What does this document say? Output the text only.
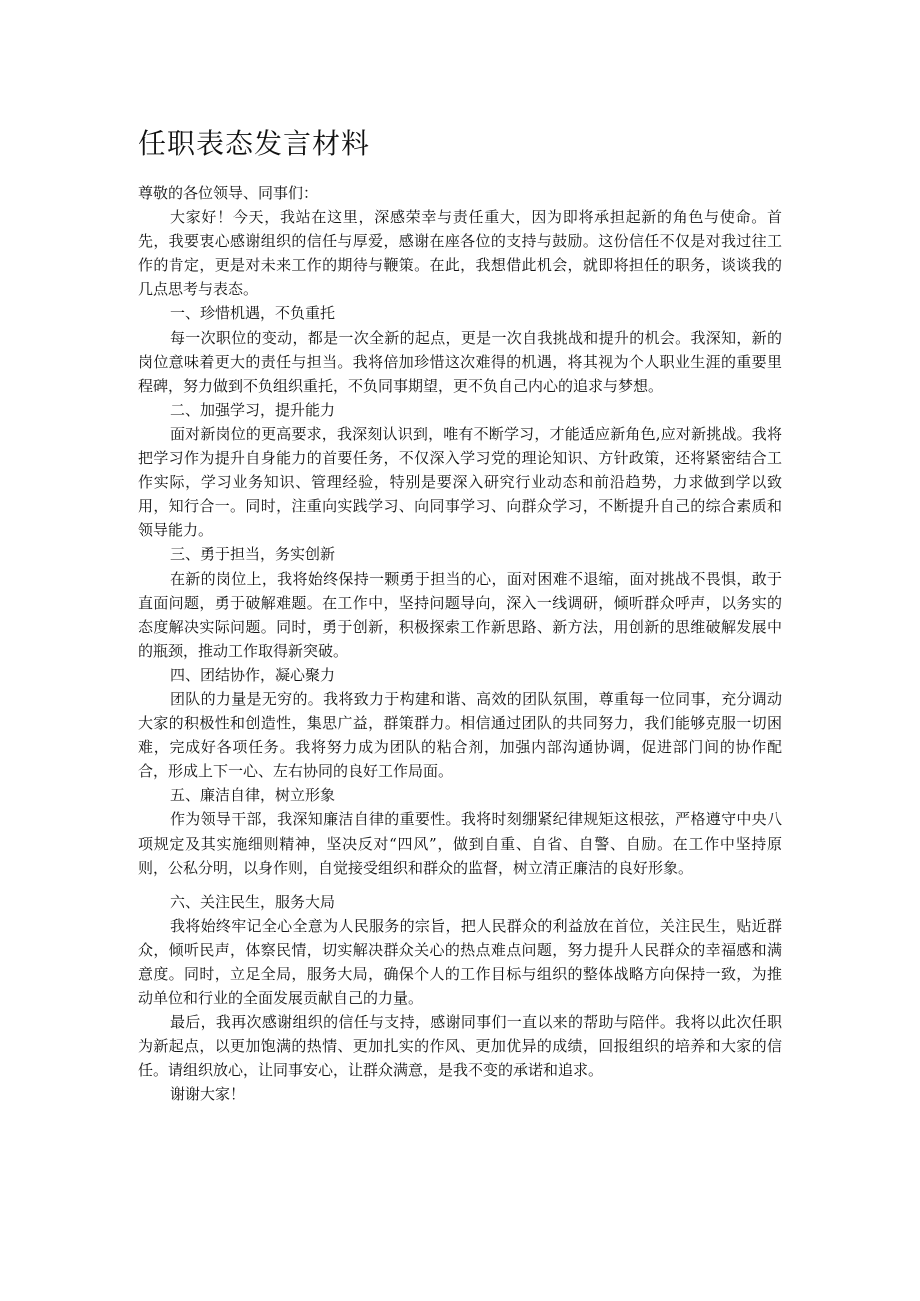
任职表态发言材料

尊敬的各位领导、同事们：

大家好！今天，我站在这里，深感荣幸与责任重大，因为即将承担起新的角色与使命。首先，我要衷心感谢组织的信任与厚爱，感谢在座各位的支持与鼓励。这份信任不仅是对我过往工作的肯定，更是对未来工作的期待与鞭策。在此，我想借此机会，就即将担任的职务，谈谈我的几点思考与表态。

一、珍惜机遇，不负重托

每一次职位的变动，都是一次全新的起点，更是一次自我挑战和提升的机会。我深知，新的岗位意味着更大的责任与担当。我将倍加珍惜这次难得的机遇，将其视为个人职业生涯的重要里程碑，努力做到不负组织重托，不负同事期望，更不负自己内心的追求与梦想。

二、加强学习，提升能力

面对新岗位的更高要求，我深刻认识到，唯有不断学习，才能适应新角色,应对新挑战。我将把学习作为提升自身能力的首要任务，不仅深入学习党的理论知识、方针政策，还将紧密结合工作实际，学习业务知识、管理经验，特别是要深入研究行业动态和前沿趋势，力求做到学以致用，知行合一。同时，注重向实践学习、向同事学习、向群众学习，不断提升自己的综合素质和领导能力。

三、勇于担当，务实创新

在新的岗位上，我将始终保持一颗勇于担当的心，面对困难不退缩，面对挑战不畏惧，敢于直面问题，勇于破解难题。在工作中，坚持问题导向，深入一线调研，倾听群众呼声，以务实的态度解决实际问题。同时，勇于创新，积极探索工作新思路、新方法，用创新的思维破解发展中的瓶颈，推动工作取得新突破。

四、团结协作，凝心聚力

团队的力量是无穷的。我将致力于构建和谐、高效的团队氛围，尊重每一位同事，充分调动大家的积极性和创造性，集思广益，群策群力。相信通过团队的共同努力，我们能够克服一切困难，完成好各项任务。我将努力成为团队的粘合剂，加强内部沟通协调，促进部门间的协作配合，形成上下一心、左右协同的良好工作局面。

五、廉洁自律，树立形象

作为领导干部，我深知廉洁自律的重要性。我将时刻绷紧纪律规矩这根弦，严格遵守中央八项规定及其实施细则精神，坚决反对“四风”，做到自重、自省、自警、自励。在工作中坚持原则，公私分明，以身作则，自觉接受组织和群众的监督，树立清正廉洁的良好形象。

六、关注民生，服务大局

我将始终牢记全心全意为人民服务的宗旨，把人民群众的利益放在首位，关注民生，贴近群众，倾听民声，体察民情，切实解决群众关心的热点难点问题，努力提升人民群众的幸福感和满意度。同时，立足全局，服务大局，确保个人的工作目标与组织的整体战略方向保持一致，为推动单位和行业的全面发展贡献自己的力量。

最后，我再次感谢组织的信任与支持，感谢同事们一直以来的帮助与陪伴。我将以此次任职为新起点，以更加饱满的热情、更加扎实的作风、更加优异的成绩，回报组织的培养和大家的信任。请组织放心，让同事安心，让群众满意，是我不变的承诺和追求。

谢谢大家！
